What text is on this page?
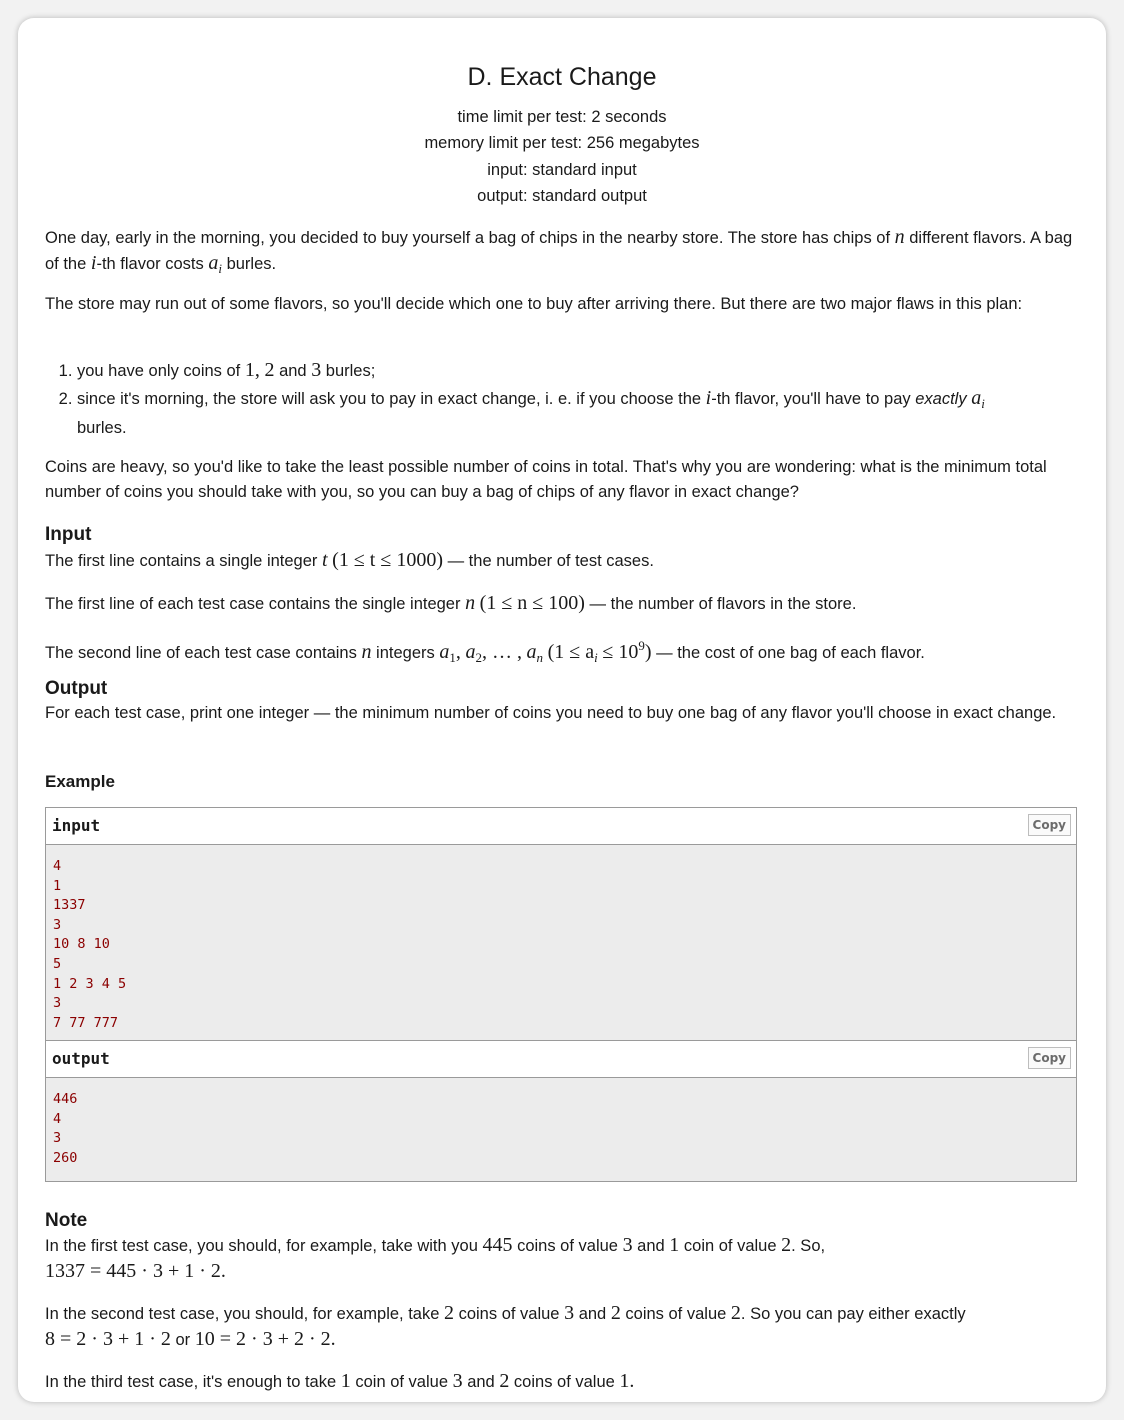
D. Exact Change
time limit per test: 2 seconds
memory limit per test: 256 megabytes
input: standard input
output: standard output

One day, early in the morning, you decided to buy yourself a bag of chips in the nearby store. The store has chips of n different flavors. A bag of the i-th flavor costs $a_i$ burles.

The store may run out of some flavors, so you'll decide which one to buy after arriving there. But there are two major flaws in this plan:

1. you have only coins of 1, 2 and 3 burles;
2. since it's morning, the store will ask you to pay in exact change, i. e. if you choose the i-th flavor, you'll have to pay exactly $a_i$
burles.

Coins are heavy, so you'd like to take the least possible number of coins in total. That's why you are wondering: what is the minimum total number of coins you should take with you, so you can buy a bag of chips of any flavor in exact change?

Input

The first line contains a single integer t (1 ≤ t ≤ 1000) — the number of test cases.

The first line of each test case contains the single integer n (1 ≤ n ≤ 100) — the number of flavors in the store.

The second line of each test case contains n integers $a_1$, $a_2$, … , $a_n$ $(1 \le a_i \le 10^9)$ — the cost of one bag of each flavor.

Output

For each test case, print one integer — the minimum number of coins you need to buy one bag of any flavor you'll choose in exact change.

Example
input	Copy
4
1
1337
3
10 8 10
5
1 2 3 4 5
3
7 77 777
output	Copy
446
4
3
260
Note

In the first test case, you should, for example, take with you 445 coins of value 3 and 1 coin of value 2. So,
1337 = 445 · 3 + 1 · 2.

In the second test case, you should, for example, take 2 coins of value 3 and 2 coins of value 2. So you can pay either exactly
8 = 2 · 3 + 1 · 2 or 10 = 2 · 3 + 2 · 2.

In the third test case, it's enough to take 1 coin of value 3 and 2 coins of value 1.
